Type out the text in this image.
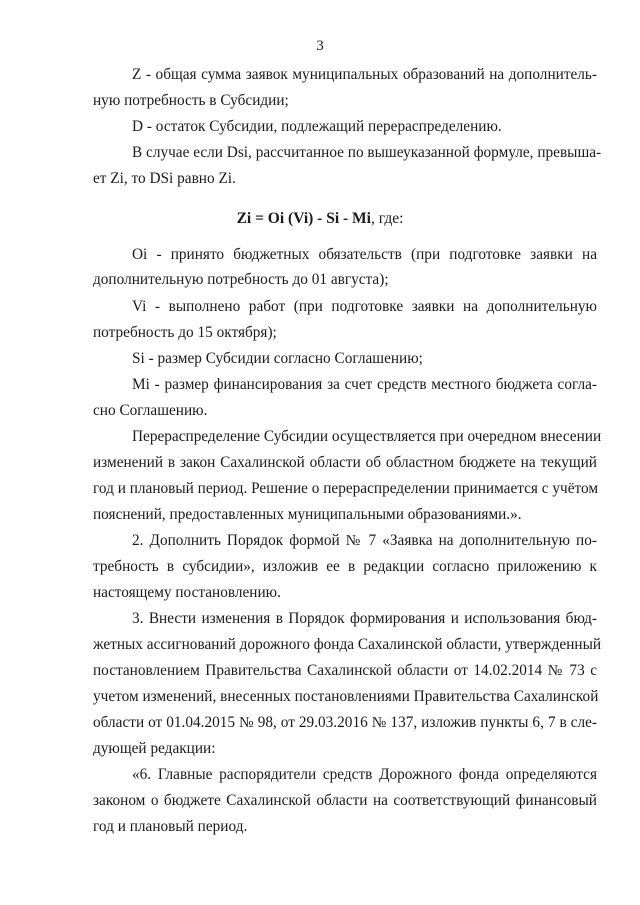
3
Z - общая сумма заявок муниципальных образований на дополнитель-
ную потребность в Субсидии;
D - остаток Субсидии, подлежащий перераспределению.
В случае если Dsi, рассчитанное по вышеуказанной формуле, превыша-
ет Zi, то DSi равно Zi.
Zi = Oi (Vi) - Si - Mi, где:
Oi - принято бюджетных обязательств (при подготовке заявки на
дополнительную потребность до 01 августа);
Vi - выполнено работ (при подготовке заявки на дополнительную
потребность до 15 октября);
Si - размер Субсидии согласно Соглашению;
Mi - размер финансирования за счет средств местного бюджета согла-
сно Соглашению.
Перераспределение Субсидии осуществляется при очередном внесении
изменений в закон Сахалинской области об областном бюджете на текущий
год и плановый период. Решение о перераспределении принимается с учётом
пояснений, предоставленных муниципальными образованиями.».
2. Дополнить Порядок формой № 7 «Заявка на дополнительную по-
требность в субсидии», изложив ее в редакции согласно приложению к
настоящему постановлению.
3. Внести изменения в Порядок формирования и использования бюд-
жетных ассигнований дорожного фонда Сахалинской области, утвержденный
постановлением Правительства Сахалинской области от 14.02.2014 № 73 с
учетом изменений, внесенных постановлениями Правительства Сахалинской
области от 01.04.2015 № 98, от 29.03.2016 № 137, изложив пункты 6, 7 в сле-
дующей редакции:
«6. Главные распорядители средств Дорожного фонда определяются
законом о бюджете Сахалинской области на соответствующий финансовый
год и плановый период.
